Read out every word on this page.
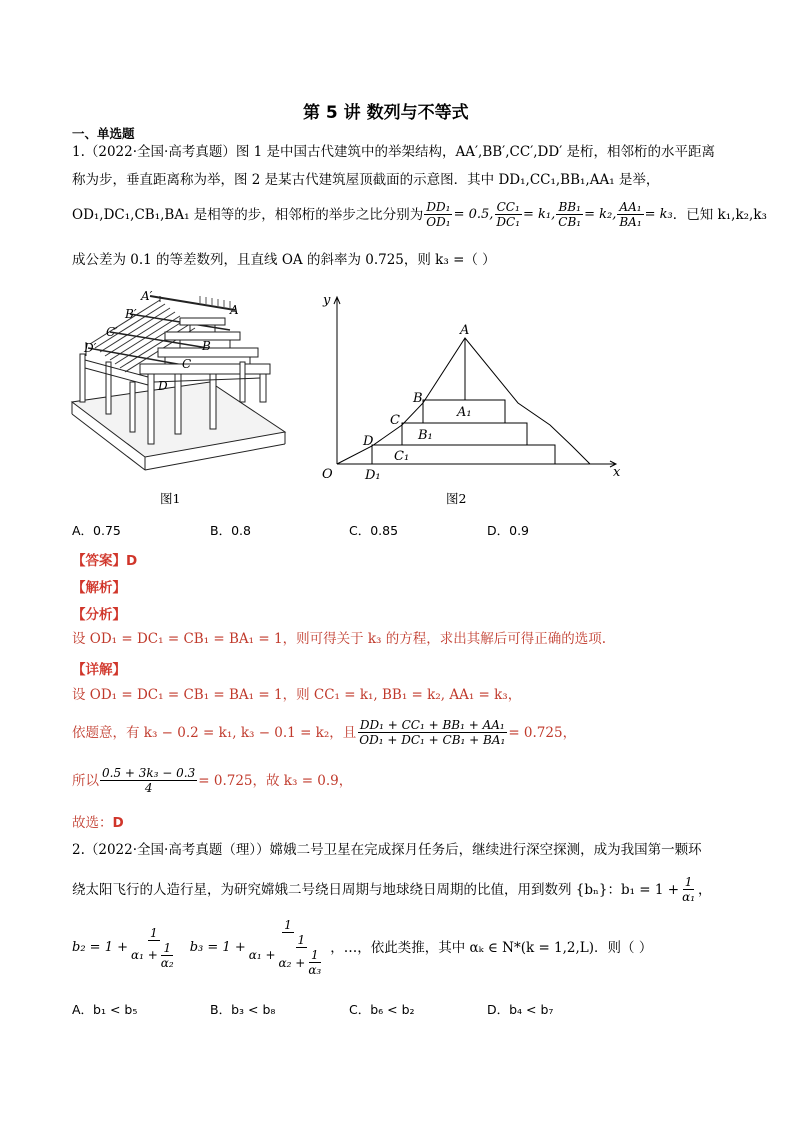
第 5 讲 数列与不等式
一、单选题
1.（2022·全国·高考真题）图 1 是中国古代建筑中的举架结构，AA′,BB′,CC′,DD′ 是桁，相邻桁的水平距离
称为步，垂直距离称为举，图 2 是某古代建筑屋顶截面的示意图．其中 DD₁,CC₁,BB₁,AA₁ 是举，
OD₁,DC₁,CB₁,BA₁ 是相等的步，相邻桁的举步之比分别为 $\frac{\text{DD₁}}{\text{OD₁}} = 0.5$, $\frac{\text{CC₁}}{\text{DC₁}} = k_1$, $\frac{\text{BB₁}}{\text{CB₁}} = k_2$, $\frac{\text{AA₁}}{\text{BA₁}} = k_3$ ．已知 k₁,k₂,k₃
成公差为 0.1 的等差数列，且直线 OA 的斜率为 0.725，则 k₃ =（ ）
A′
B′
C′
D′
A
B
C
D
图1
y
x
O
A
B
C
D
A₁
B₁
C₁
D₁
图2
A．0.75	B．0.8	C．0.85	D．0.9
【答案】D
【解析】
【分析】
设 OD₁ = DC₁ = CB₁ = BA₁ = 1，则可得关于 k₃ 的方程，求出其解后可得正确的选项.
【详解】
设 OD₁ = DC₁ = CB₁ = BA₁ = 1，则 CC₁ = k₁, BB₁ = k₂, AA₁ = k₃，
依题意，有 k₃ − 0.2 = k₁, k₃ − 0.1 = k₂，且 $\frac{\text{DD₁ + CC₁ + BB₁ + AA₁}}{\text{OD₁ + DC₁ + CB₁ + BA₁}} = 0.725$，
所以 $\frac{\text{0.5 + 3k₃ − 0.3}}{4} = 0.725$，故 k₃ = 0.9，
故选：D
2.（2022·全国·高考真题（理））嫦娥二号卫星在完成探月任务后，继续进行深空探测，成为我国第一颗环
绕太阳飞行的人造行星，为研究嫦娥二号绕日周期与地球绕日周期的比值，用到数列 {bₙ}：$b_1 = 1 + \frac{1}{\text{α₁}}$ ，
$b_2 = 1 + \frac{1}{\alpha_1 + \frac{1}{\text{α₂}}} b_3 = 1 + \frac{1}{\alpha_1 + \frac{1}{\alpha_2 + \frac{1}{\text{α₃}}}}$ ，…，依此类推，其中 αₖ ∈ N*(k = 1,2,L)．则（ ）
A．b₁ < b₅	B．b₃ < b₈	C．b₆ < b₂	D．b₄ < b₇
